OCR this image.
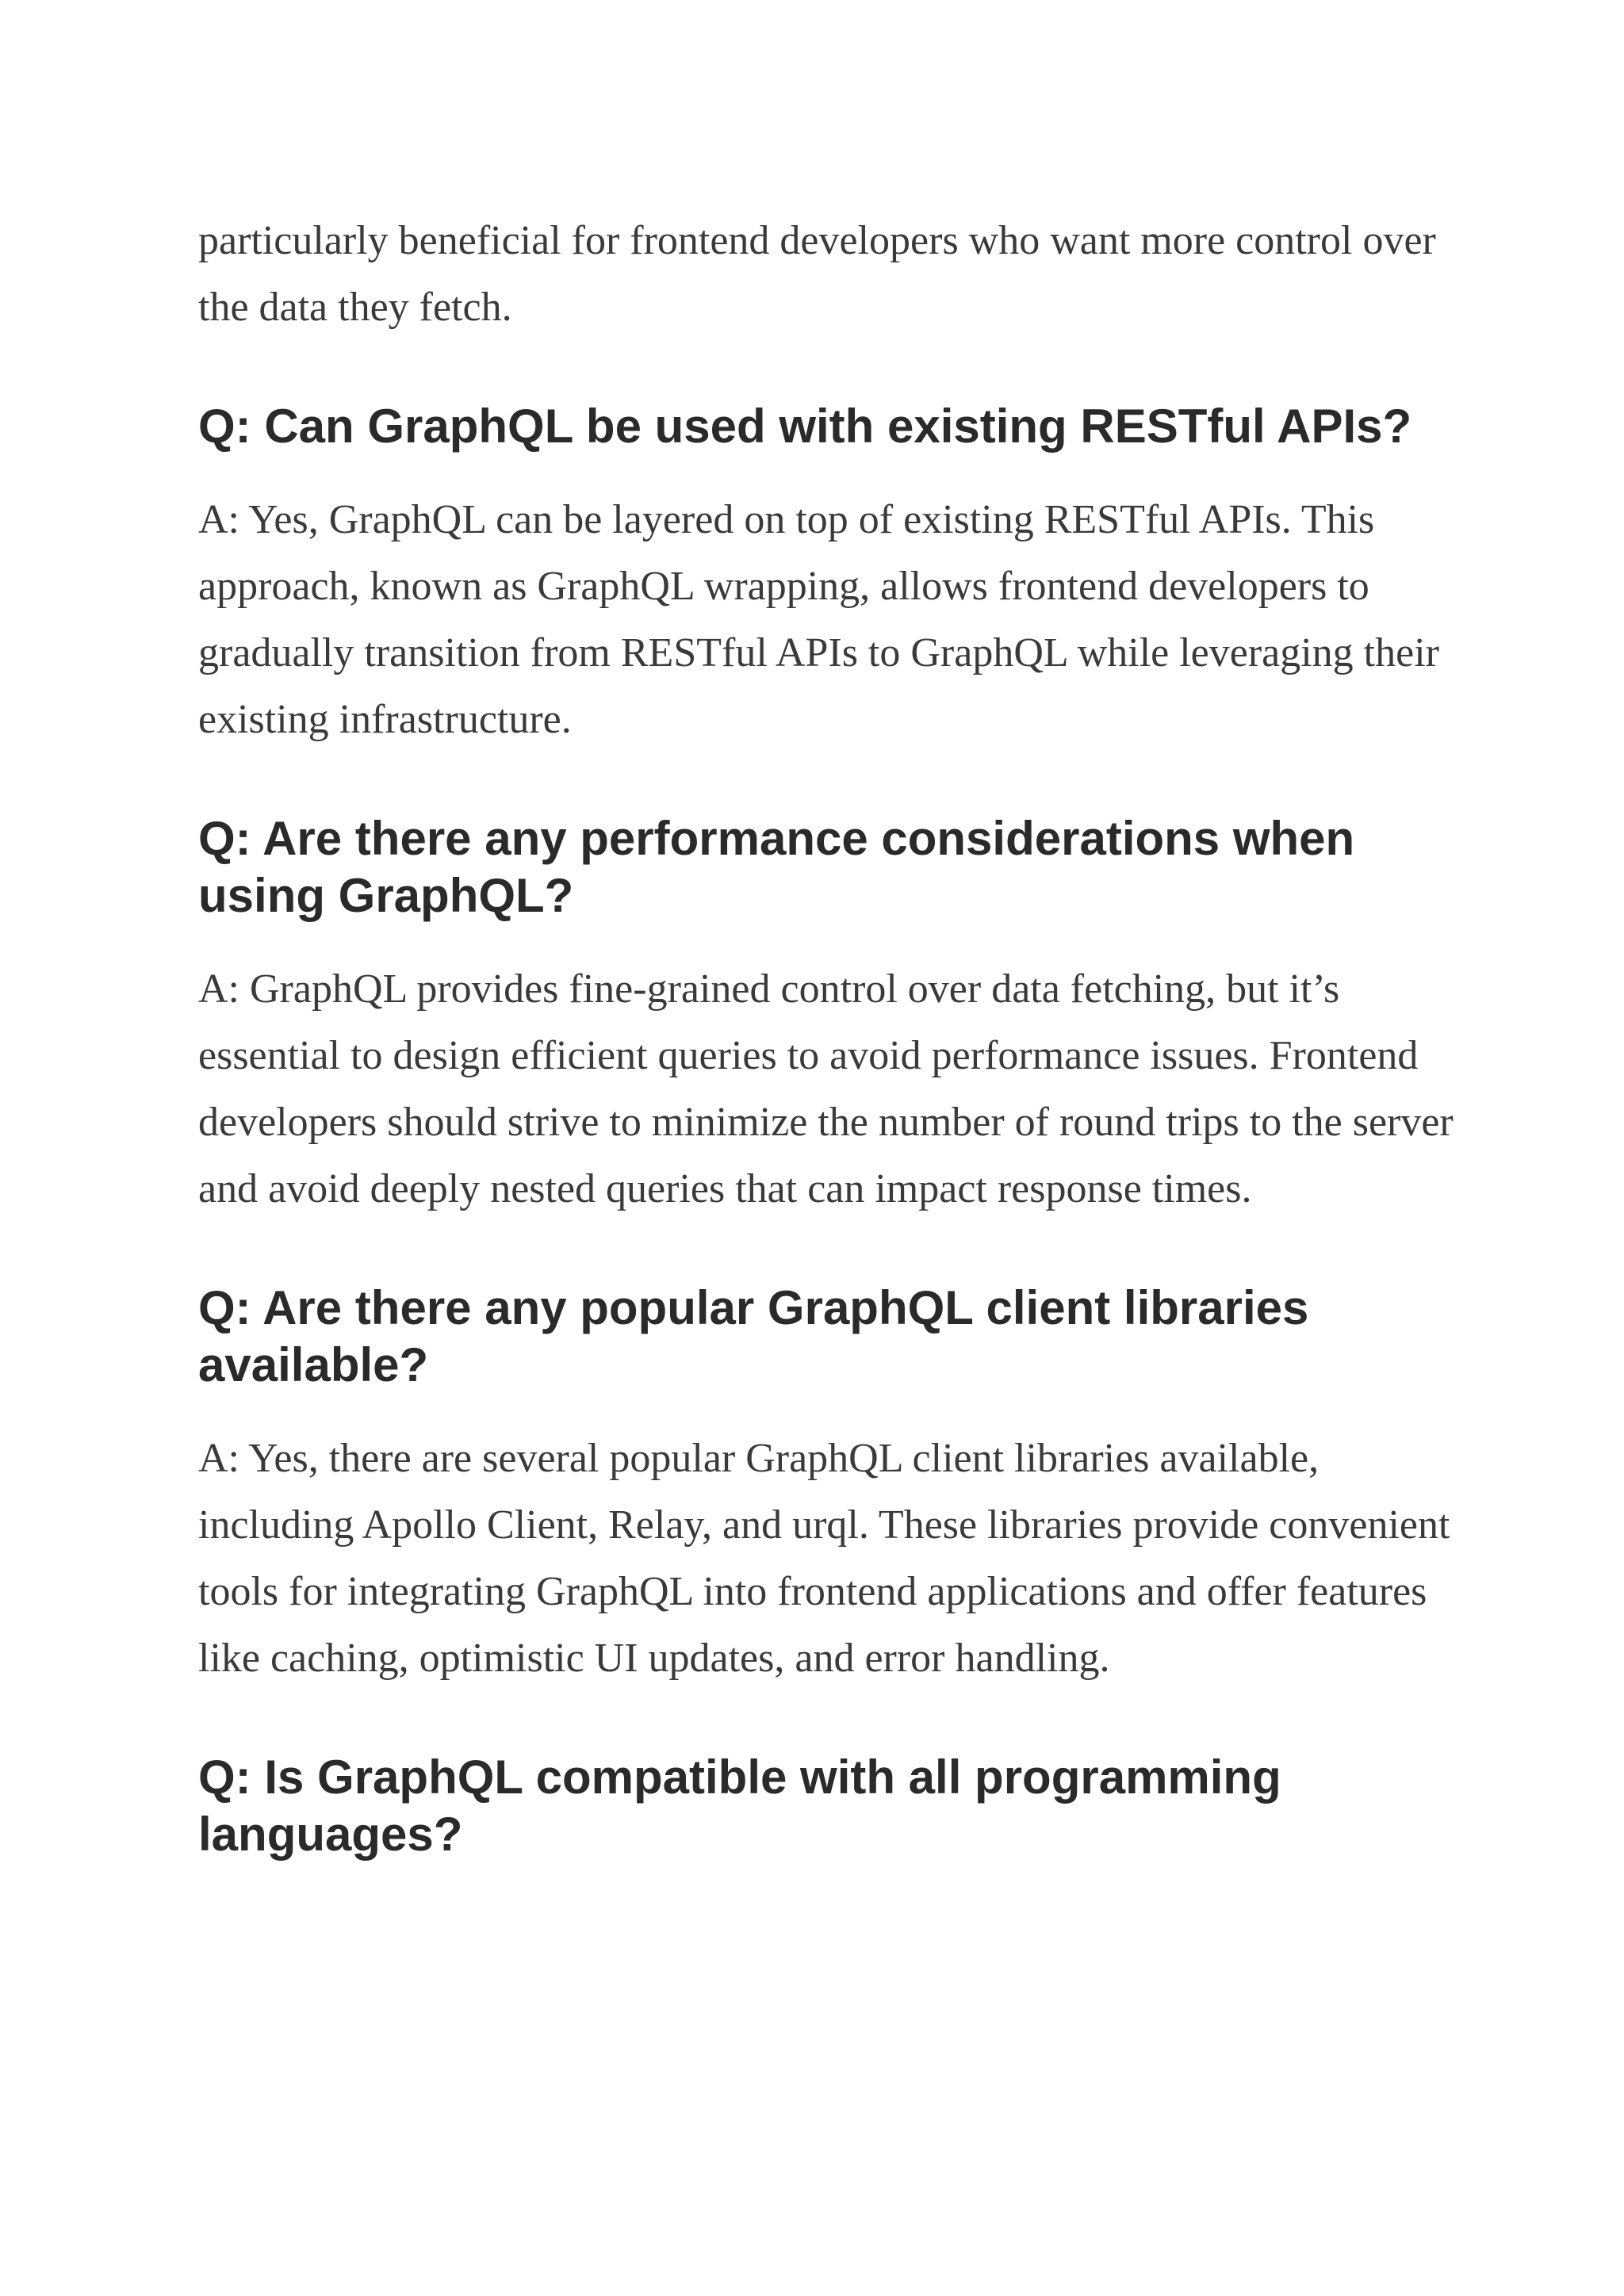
particularly beneficial for frontend developers who want more control over the data they fetch.

Q: Can GraphQL be used with existing RESTful APIs?

A: Yes, GraphQL can be layered on top of existing RESTful APIs. This approach, known as GraphQL wrapping, allows frontend developers to gradually transition from RESTful APIs to GraphQL while leveraging their existing infrastructure.

Q: Are there any performance considerations when using GraphQL?

A: GraphQL provides fine-grained control over data fetching, but it’s essential to design efficient queries to avoid performance issues. Frontend developers should strive to minimize the number of round trips to the server and avoid deeply nested queries that can impact response times.

Q: Are there any popular GraphQL client libraries available?

A: Yes, there are several popular GraphQL client libraries available, including Apollo Client, Relay, and urql. These libraries provide convenient tools for integrating GraphQL into frontend applications and offer features like caching, optimistic UI updates, and error handling.

Q: Is GraphQL compatible with all programming languages?
